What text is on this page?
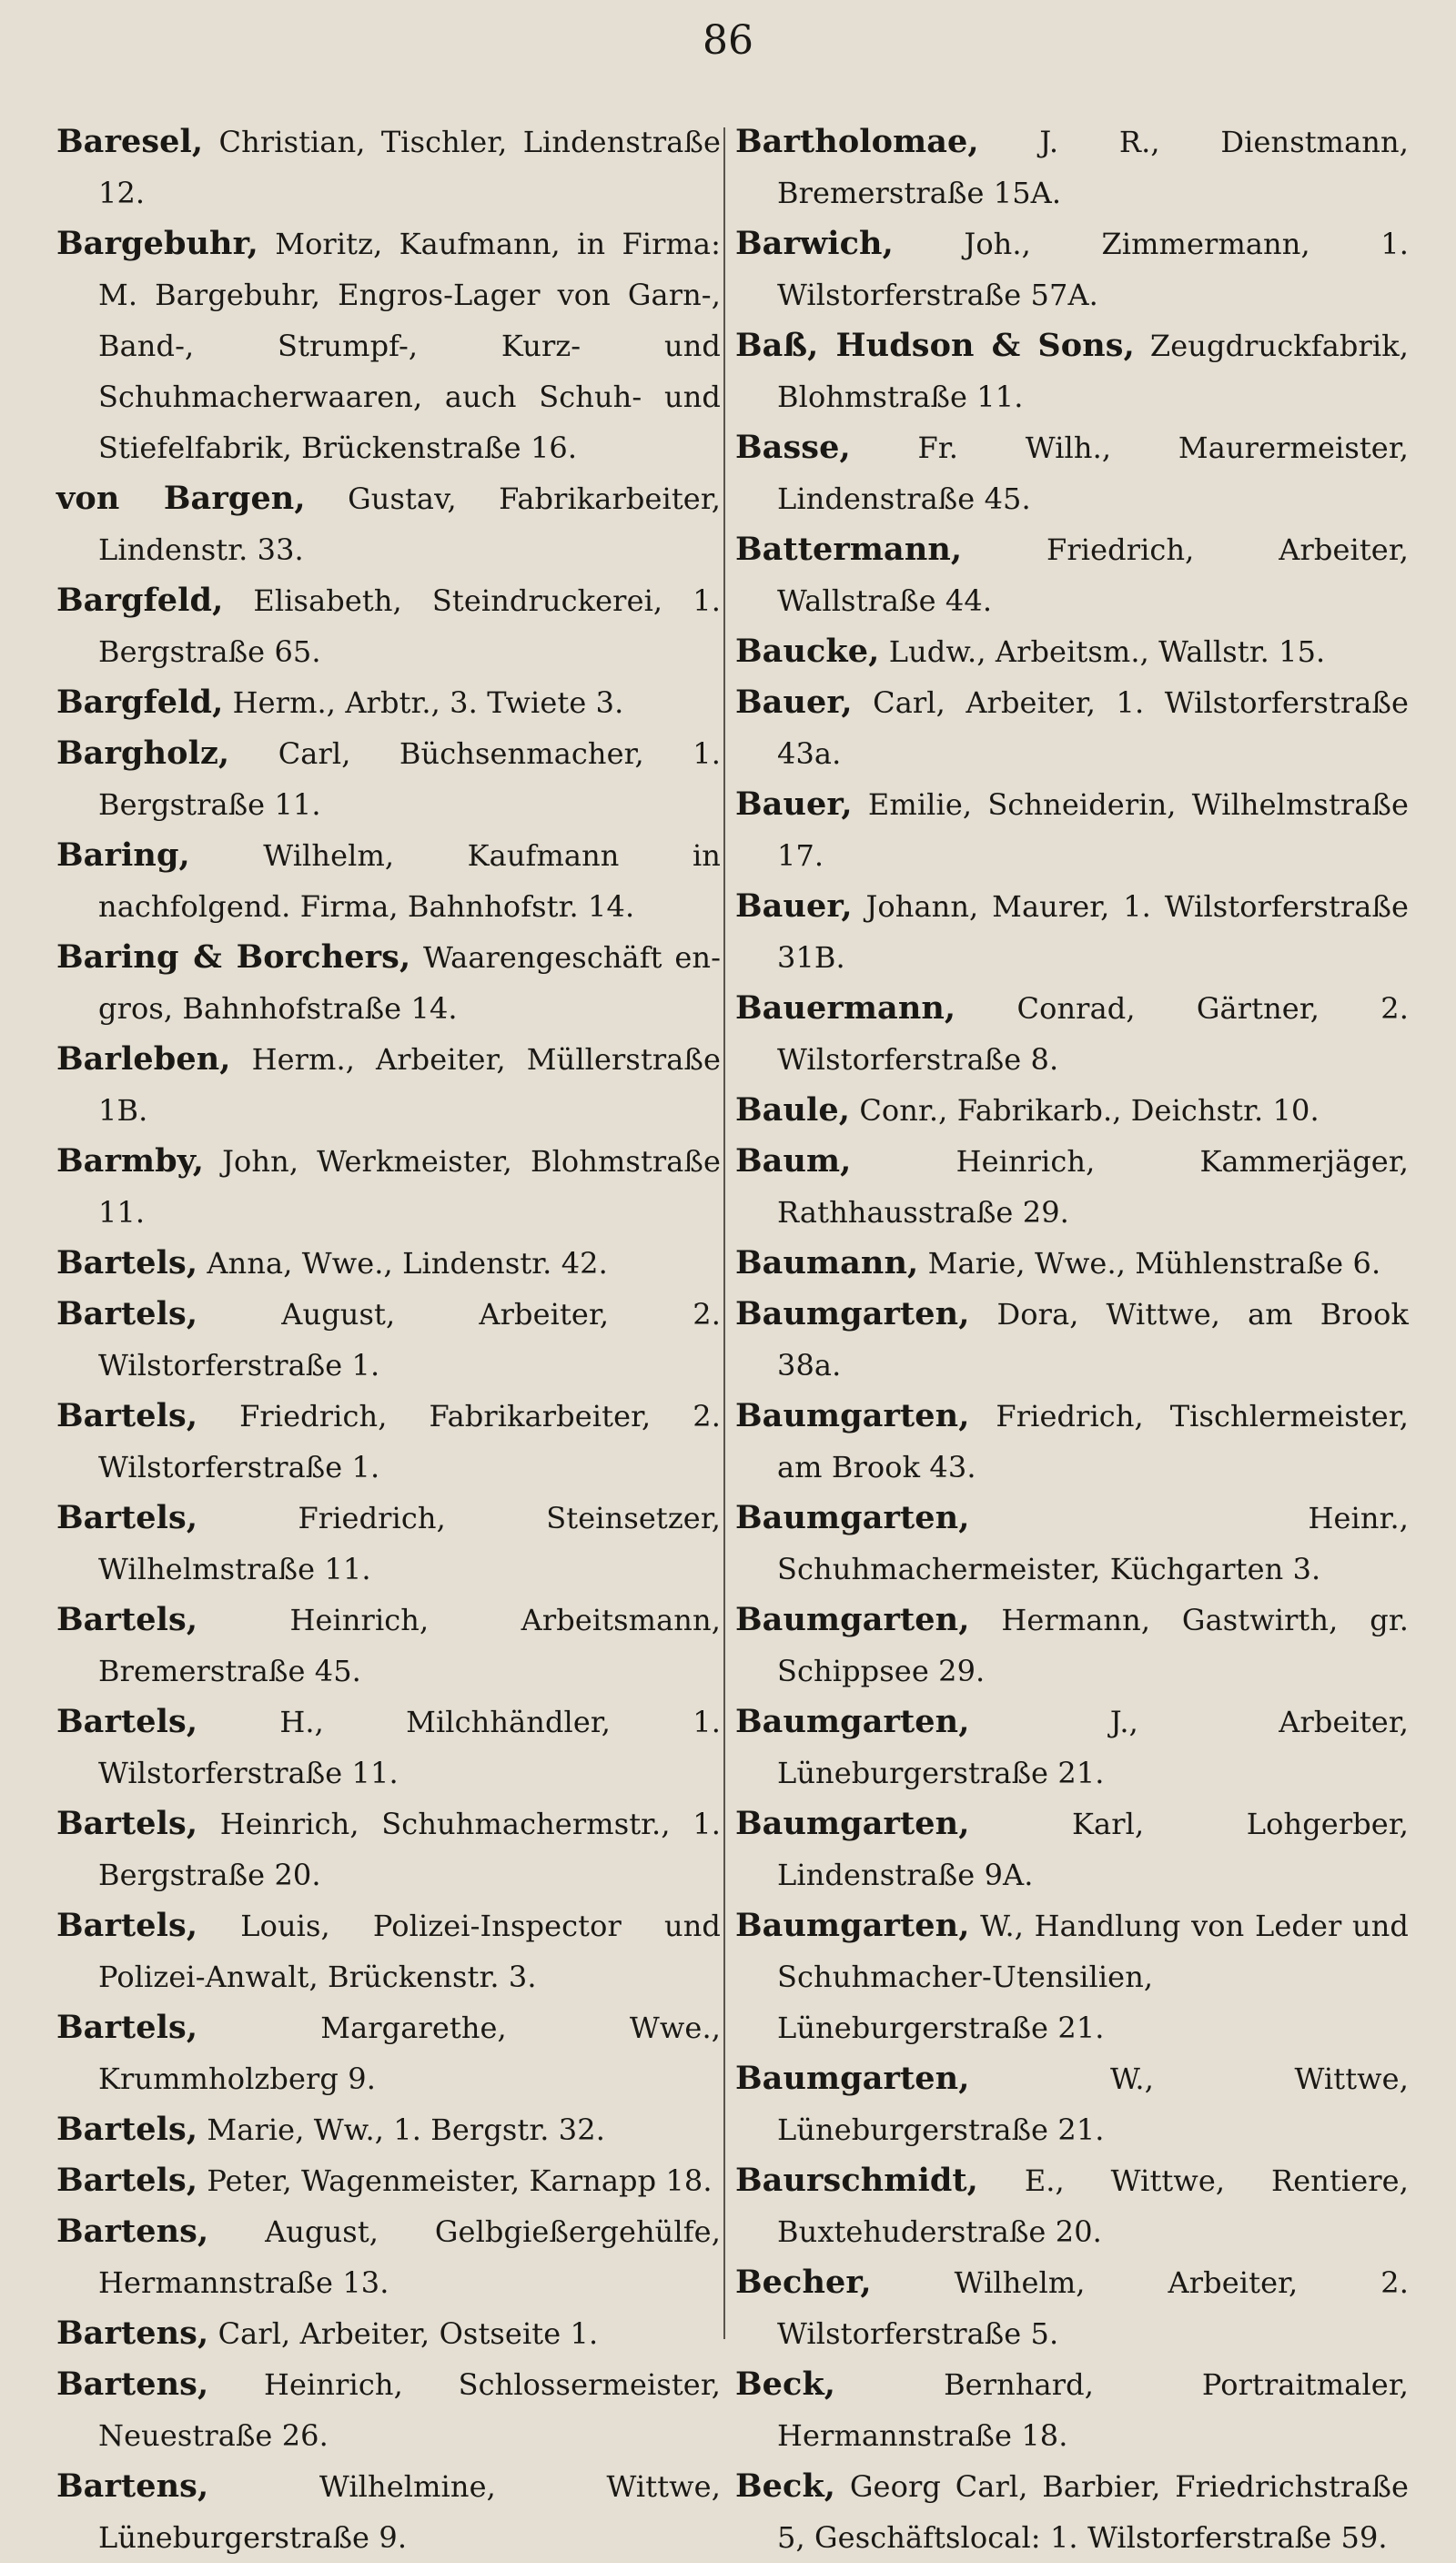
86

Baresel, Christian, Tischler, Lindenstraße 12.

Bargebuhr, Moritz, Kaufmann, in Firma: M. Bargebuhr, Engros-Lager von Garn-, Band-, Strumpf-, Kurz- und Schuhmacherwaaren, auch Schuh- und Stiefelfabrik, Brückenstraße 16.

von Bargen, Gustav, Fabrikarbeiter, Lindenstr. 33.

Bargfeld, Elisabeth, Steindruckerei, 1. Bergstraße 65.

Bargfeld, Herm., Arbtr., 3. Twiete 3.

Bargholz, Carl, Büchsenmacher, 1. Bergstraße 11.

Baring,	Wilhelm, Kaufmann in nachfolgend. Firma, Bahnhofstr. 14.

Baring & Borchers, Waarengeschäft en-gros, Bahnhofstraße 14.

Barleben, Herm., Arbeiter, Müllerstraße 1B.

Barmby, John, Werkmeister, Blohmstraße 11.

Bartels, Anna, Wwe., Lindenstr. 42.

Bartels,	August, Arbeiter, 2. Wilstorferstraße 1.

Bartels, Friedrich, Fabrikarbeiter, 2. Wilstorferstraße 1.

Bartels,	Friedrich, Steinsetzer, Wilhelmstraße 11.

Bartels,	Heinrich, Arbeitsmann, Bremerstraße 45.

Bartels,	H., Milchhändler, 1. Wilstorferstraße 11.

Bartels, Heinrich, Schuhmachermstr., 1. Bergstraße 20.

Bartels, Louis, Polizei-Inspector und Polizei-Anwalt, Brückenstr. 3.

Bartels,	Margarethe, Wwe., Krummholzberg 9.

Bartels, Marie, Ww., 1. Bergstr. 32.

Bartels, Peter, Wagenmeister, Karnapp 18.

Bartens, August, Gelbgießergehülfe, Hermannstraße 13.

Bartens, Carl, Arbeiter, Ostseite 1.

Bartens, Heinrich, Schlossermeister, Neuestraße 26.

Bartens,	Wilhelmine, Wittwe, Lüneburgerstraße 9.

Bartholomae, J. R., Dienstmann, Bremerstraße 15A.

Barwich, Joh., Zimmermann, 1. Wilstorferstraße 57A.

Baß, Hudson & Sons, Zeugdruckfabrik, Blohmstraße 11.

Basse, Fr. Wilh., Maurermeister, Lindenstraße 45.

Battermann,	Friedrich, Arbeiter, Wallstraße 44.

Baucke, Ludw., Arbeitsm., Wallstr. 15.

Bauer, Carl, Arbeiter, 1. Wilstorferstraße 43a.

Bauer, Emilie, Schneiderin, Wilhelmstraße 17.

Bauer, Johann, Maurer, 1. Wilstorferstraße 31B.

Bauermann, Conrad, Gärtner, 2. Wilstorferstraße 8.

Baule, Conr., Fabrikarb., Deichstr. 10.

Baum,	Heinrich, Kammerjäger, Rathhausstraße 29.

Baumann, Marie, Wwe., Mühlenstraße 6.

Baumgarten, Dora, Wittwe, am Brook 38a.

Baumgarten, Friedrich, Tischlermeister, am Brook 43.

Baumgarten,	Heinr., Schuhmachermeister, Küchgarten 3.

Baumgarten, Hermann, Gastwirth, gr. Schippsee 29.

Baumgarten,	J., Arbeiter, Lüneburgerstraße 21.

Baumgarten,	Karl, Lohgerber, Lindenstraße 9A.

Baumgarten, W., Handlung von Leder und Schuhmacher-Utensilien, Lüneburgerstraße 21.

Baumgarten,	W., Wittwe, Lüneburgerstraße 21.

Baurschmidt, E., Wittwe, Rentiere, Buxtehuderstraße 20.

Becher,	Wilhelm, Arbeiter, 2. Wilstorferstraße 5.

Beck,	Bernhard, Portraitmaler, Hermannstraße 18.

Beck, Georg Carl, Barbier, Friedrichstraße 5, Geschäftslocal: 1. Wilstorferstraße 59.
